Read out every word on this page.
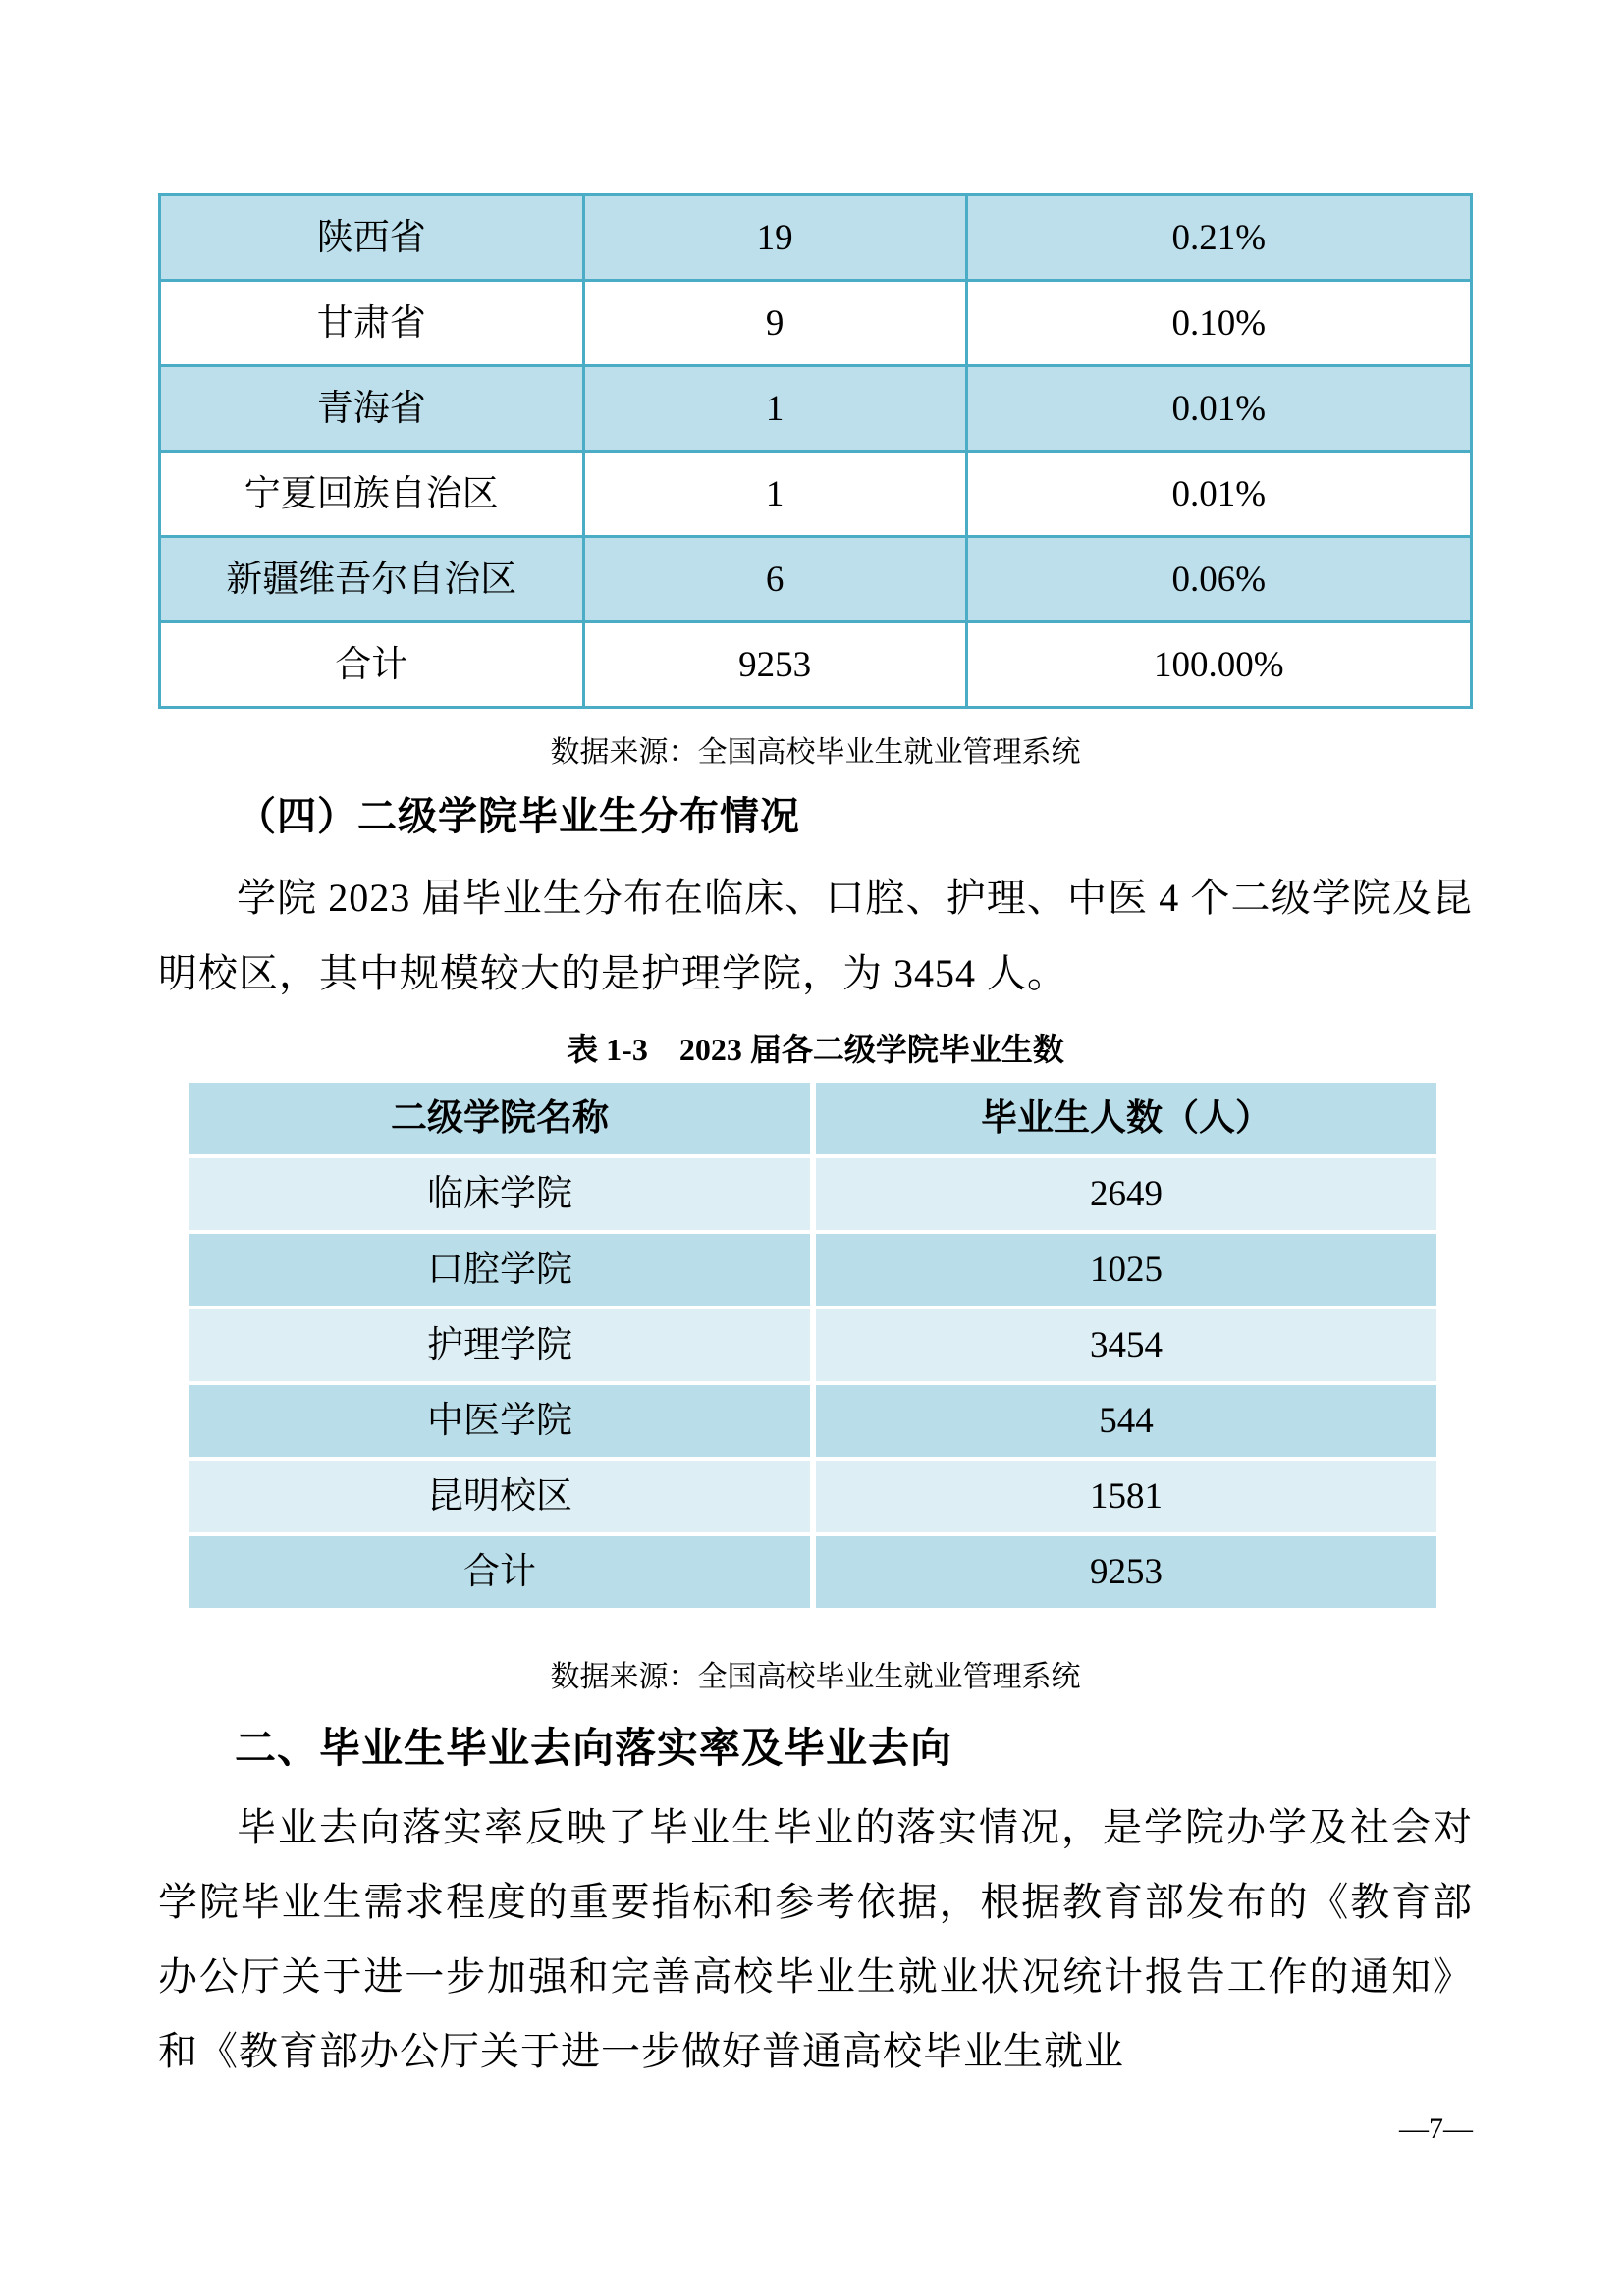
陕西省	19	0.21%
甘肃省	9	0.10%
青海省	1	0.01%
宁夏回族自治区	1	0.01%
新疆维吾尔自治区	6	0.06%
合计	9253	100.00%
数据来源：全国高校毕业生就业管理系统
（四）二级学院毕业生分布情况
学院 2023 届毕业生分布在临床、口腔、护理、中医 4 个二级学院及昆明校区，其中规模较大的是护理学院，为 3454 人。
表 1-3　2023 届各二级学院毕业生数
二级学院名称	毕业生人数（人）
临床学院	2649
口腔学院	1025
护理学院	3454
中医学院	544
昆明校区	1581
合计	9253
数据来源：全国高校毕业生就业管理系统
二、毕业生毕业去向落实率及毕业去向
毕业去向落实率反映了毕业生毕业的落实情况，是学院办学及社会对学院毕业生需求程度的重要指标和参考依据，根据教育部发布的《教育部办公厅关于进一步加强和完善高校毕业生就业状况统计报告工作的通知》和《教育部办公厅关于进一步做好普通高校毕业生就业
—7—
